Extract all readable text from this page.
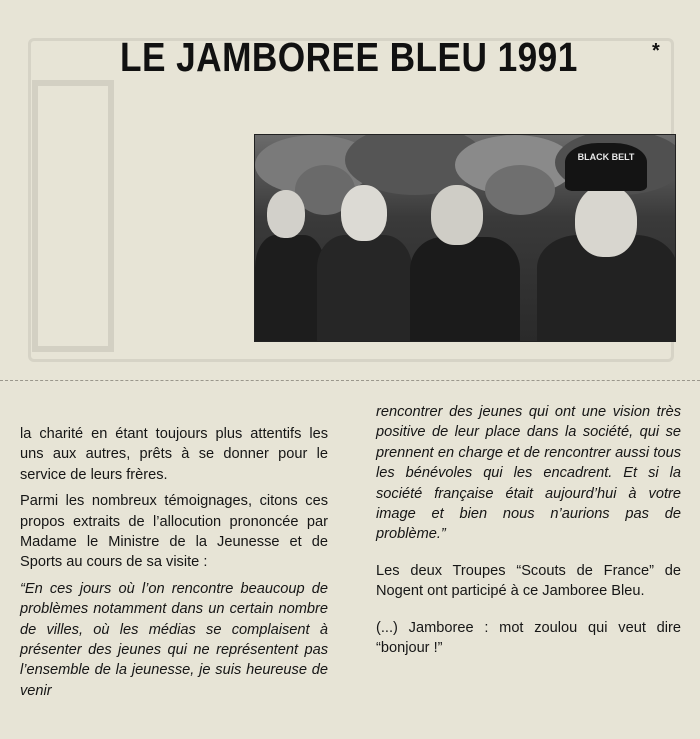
LE JAMBOREE BLEU 1991	*
BLACK BELT

la charité en étant toujours plus attentifs les uns aux autres, prêts à se donner pour le service de leurs frères.

Parmi les nombreux témoignages, citons ces propos extraits de l’allocution prononcée par Madame le Ministre de la Jeunesse et de Sports au cours de sa visite :

“En ces jours où l’on rencontre beaucoup de problèmes notamment dans un certain nombre de villes, où les médias se complaisent à présenter des jeunes qui ne représentent pas l’ensemble de la jeunesse, je suis heureuse de venir

rencontrer des jeunes qui ont une vision très positive de leur place dans la société, qui se prennent en charge et de rencontrer aussi tous les bénévoles qui les encadrent. Et si la société française était aujourd’hui à votre image et bien nous n’aurions pas de problème.”

Les deux Troupes “Scouts de France” de Nogent ont participé à ce Jamboree Bleu.

(...) Jamboree : mot zoulou qui veut dire “bonjour !”
